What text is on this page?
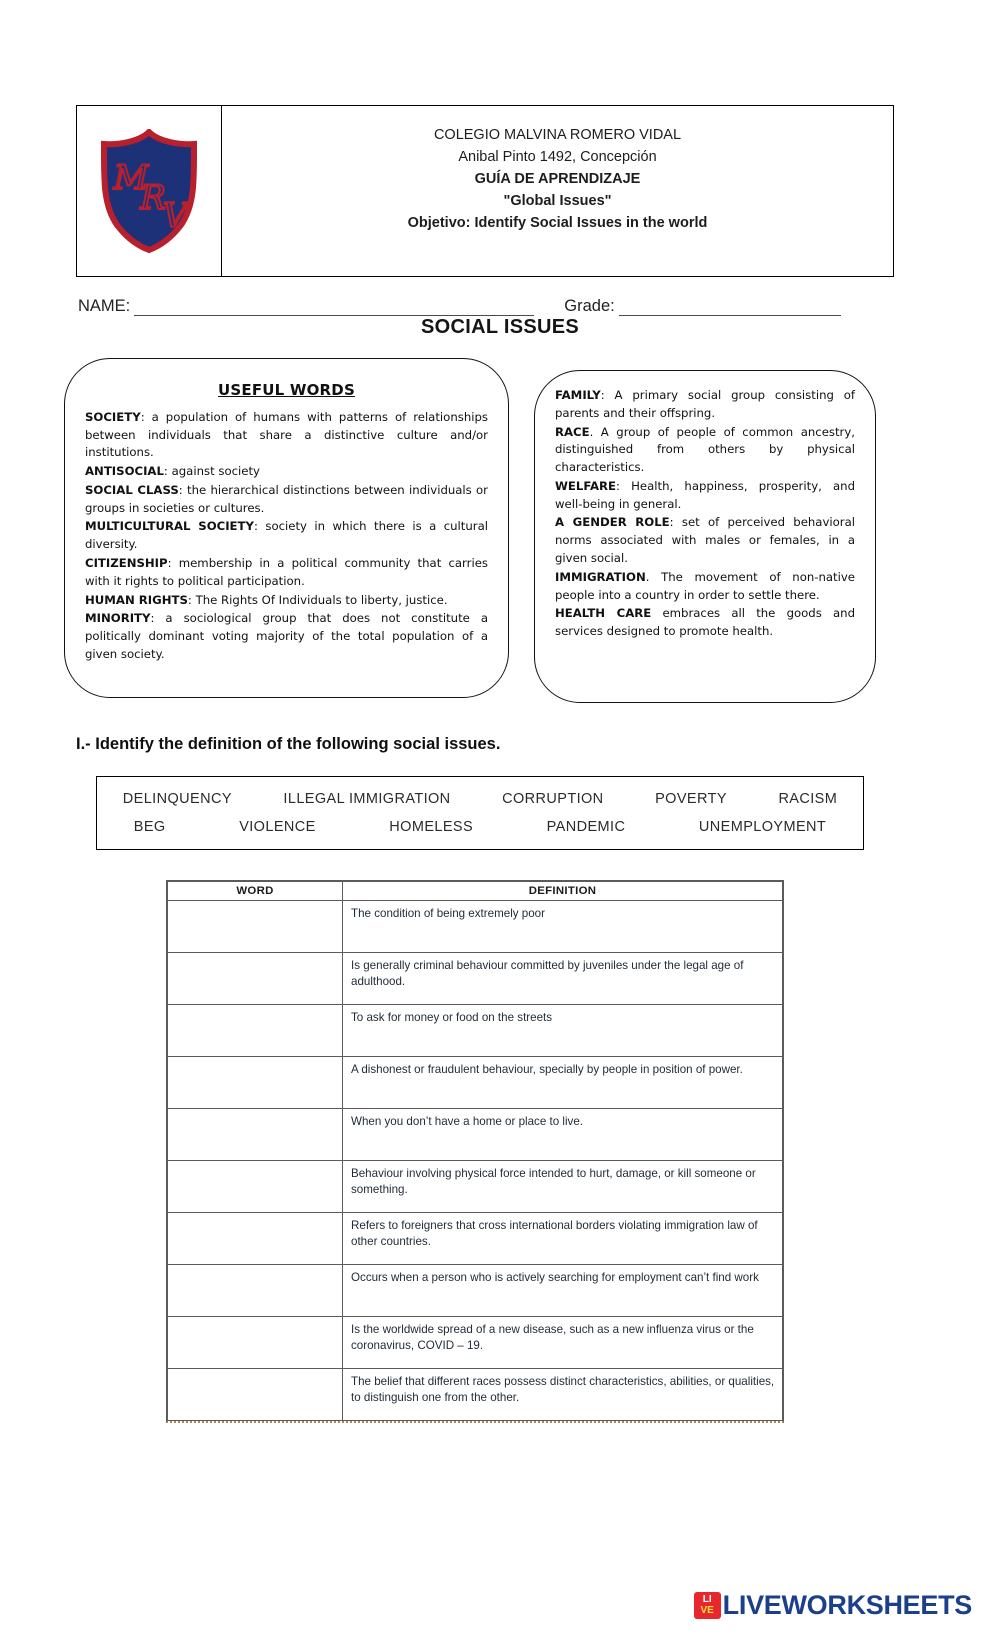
M
R
V
COLEGIO MALVINA ROMERO VIDAL
Anibal Pinto 1492, Concepción
GUÍA DE APRENDIZAJE
"Global Issues"
Objetivo: Identify Social Issues in the world
NAME:	Grade:
SOCIAL ISSUES
USEFUL WORDS

SOCIETY: a population of humans with patterns of relationships between individuals that share a distinctive culture and/or institutions.

ANTISOCIAL: against society

SOCIAL CLASS: the hierarchical distinctions between individuals or groups in societies or cultures.

MULTICULTURAL SOCIETY: society in which there is a cultural diversity.

CITIZENSHIP: membership in a political community that carries with it rights to political participation.

HUMAN RIGHTS: The Rights Of Individuals to liberty, justice.

MINORITY: a sociological group that does not constitute a politically dominant voting majority of the total population of a given society.

FAMILY: A primary social group consisting of parents and their offspring.

RACE. A group of people of common ancestry, distinguished from others by physical characteristics.

WELFARE: Health, happiness, prosperity, and well-being in general.

A GENDER ROLE: set of perceived behavioral norms associated with males or females, in a given social.

IMMIGRATION. The movement of non-native people into a country in order to settle there.

HEALTH CARE embraces all the goods and services designed to promote health.

I.- Identify the definition of the following social issues.
DELINQUENCY	ILLEGAL IMMIGRATION	CORRUPTION	POVERTY	RACISM
BEG	VIOLENCE	HOMELESS	PANDEMIC	UNEMPLOYMENT
WORD	DEFINITION
	The condition of being extremely poor
	Is generally criminal behaviour committed by juveniles under the legal age of adulthood.
	To ask for money or food on the streets
	A dishonest or fraudulent behaviour, specially by people in position of power.
	When you don’t have a home or place to live.
	Behaviour involving physical force intended to hurt, damage, or kill someone or something.
	Refers to foreigners that cross international borders violating immigration law of other countries.
	Occurs when a person who is actively searching for employment can’t find work
	Is the worldwide spread of a new disease, such as a new influenza virus or the coronavirus, COVID – 19.
	The belief that different races possess distinct characteristics, abilities, or qualities, to distinguish one from the other.
LI
VE LIVEWORKSHEETS
